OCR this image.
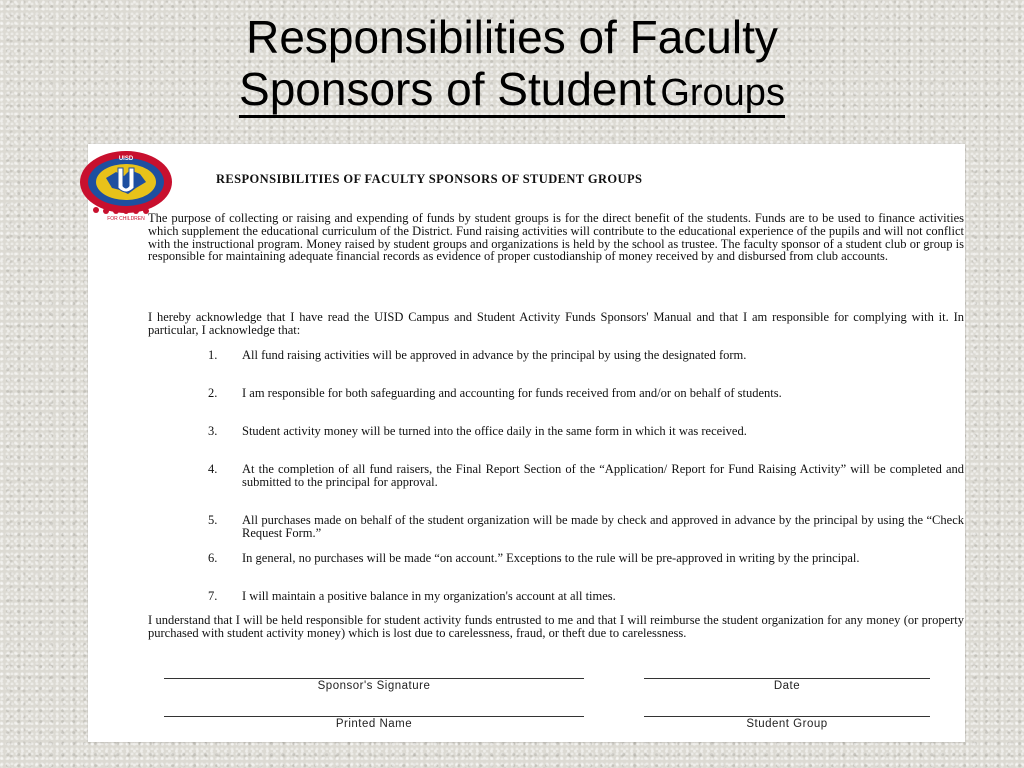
Responsibilities of Faculty
Sponsors of Student Groups
UISD
FOR CHILDREN
RESPONSIBILITIES OF FACULTY SPONSORS OF STUDENT GROUPS

The purpose of collecting or raising and expending of funds by student groups is for the direct benefit of the students. Funds are to be used to finance activities which supplement the educational curriculum of the District. Fund raising activities will contribute to the educational experience of the pupils and will not conflict with the instructional program. Money raised by student groups and organizations is held by the school as trustee. The faculty sponsor of a student club or group is responsible for maintaining adequate financial records as evidence of proper custodianship of money received by and disbursed from club accounts.

I hereby acknowledge that I have read the UISD Campus and Student Activity Funds Sponsors' Manual and that I am responsible for complying with it. In particular, I acknowledge that:

1.	All fund raising activities will be approved in advance by the principal by using the designated form.
2.	I am responsible for both safeguarding and accounting for funds received from and/or on behalf of students.
3.	Student activity money will be turned into the office daily in the same form in which it was received.
4.	At the completion of all fund raisers, the Final Report Section of the “Application/ Report for Fund Raising Activity” will be completed and submitted to the principal for approval.
5.	All purchases made on behalf of the student organization will be made by check and approved in advance by the principal by using the “Check Request Form.”
6.	In general, no purchases will be made “on account.” Exceptions to the rule will be pre-approved in writing by the principal.
7.	I will maintain a positive balance in my organization's account at all times.

I understand that I will be held responsible for student activity funds entrusted to me and that I will reimburse the student organization for any money (or property purchased with student activity money) which is lost due to carelessness, fraud, or theft due to carelessness.

Sponsor's Signature	Date
Printed Name	Student Group
